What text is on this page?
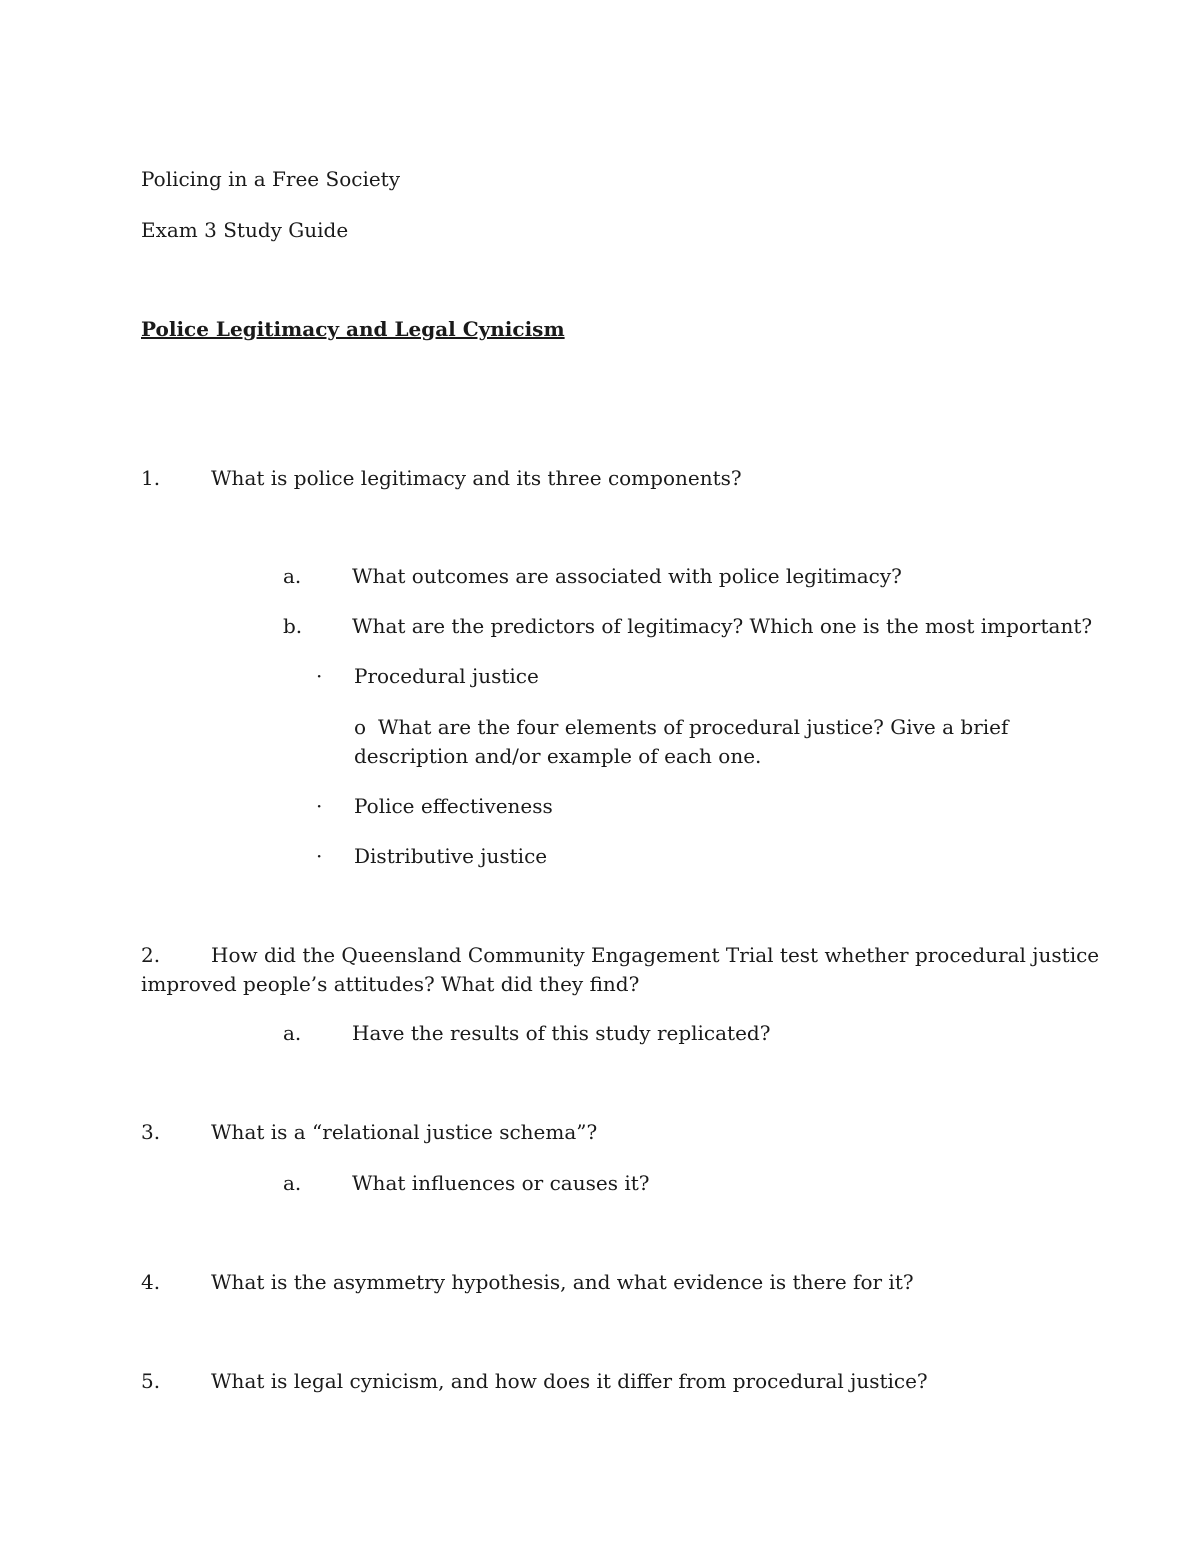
Policing in a Free Society
Exam 3 Study Guide
Police Legitimacy and Legal Cynicism
1.	What is police legitimacy and its three components?
a.	What outcomes are associated with police legitimacy?
b. What are the predictors of legitimacy? Which one is the most important?
· Procedural justice
o What are the four elements of procedural justice? Give a brief
description and/or example of each one.
· Police effectiveness
· Distributive justice
2.	How did the Queensland Community Engagement Trial test whether procedural justice
improved people’s attitudes? What did they find?
a.	Have the results of this study replicated?
3.	What is a “relational justice schema”?
a.	What influences or causes it?
4.	What is the asymmetry hypothesis, and what evidence is there for it?
5.	What is legal cynicism, and how does it differ from procedural justice?
